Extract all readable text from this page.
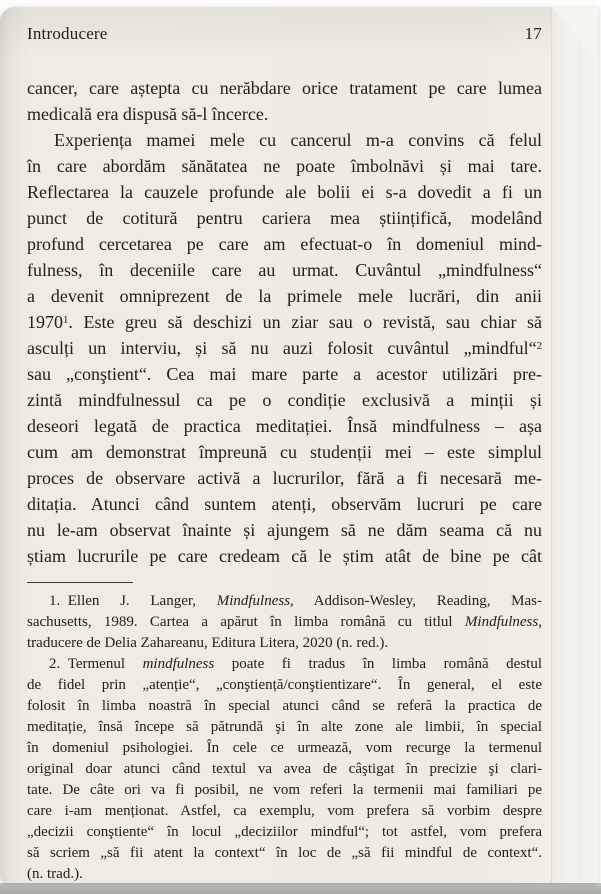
Introducere	17
cancer, care aștepta cu nerăbdare orice tratament pe care lumea
medicală era dispusă să-l încerce.
Experiența mamei mele cu cancerul m-a convins că felul
în care abordăm sănătatea ne poate îmbolnăvi și mai tare.
Reflectarea la cauzele profunde ale bolii ei s-a dovedit a fi un
punct de cotitură pentru cariera mea științifică, modelând
profund cercetarea pe care am efectuat-o în domeniul mind-
fulness, în deceniile care au urmat. Cuvântul „mindfulness“
a devenit omniprezent de la primele mele lucrări, din anii
1970$^1$. Este greu să deschizi un ziar sau o revistă, sau chiar să
asculți un interviu, și să nu auzi folosit cuvântul „mindful“$^2$
sau „conştient“. Cea mai mare parte a acestor utilizări pre-
zintă mindfulnessul ca pe o condiție exclusivă a minții și
deseori legată de practica meditației. Însă mindfulness – așa
cum am demonstrat împreună cu studenții mei – este simplul
proces de observare activă a lucrurilor, fără a fi necesară me-
ditația. Atunci când suntem atenți, observăm lucruri pe care
nu le-am observat înainte și ajungem să ne dăm seama că nu
știam lucrurile pe care credeam că le știm atât de bine pe cât
1. Ellen J. Langer, Mindfulness, Addison-Wesley, Reading, Mas-
sachusetts, 1989. Cartea a apărut în limba română cu titlul Mindfulness,
traducere de Delia Zahareanu, Editura Litera, 2020 (n. red.).
2. Termenul mindfulness poate fi tradus în limba română destul
de fidel prin „atenție“, „conştiență/conştientizare“. În general, el este
folosit în limba noastră în special atunci când se referă la practica de
meditație, însă începe să pătrundă şi în alte zone ale limbii, în special
în domeniul psihologiei. În cele ce urmează, vom recurge la termenul
original doar atunci când textul va avea de câştigat în precizie şi clari-
tate. De câte ori va fi posibil, ne vom referi la termenii mai familiari pe
care i-am menționat. Astfel, ca exemplu, vom prefera să vorbim despre
„decizii conştiente“ în locul „deciziilor mindful“; tot astfel, vom prefera
să scriem „să fii atent la context“ în loc de „să fii mindful de context“.
(n. trad.).
